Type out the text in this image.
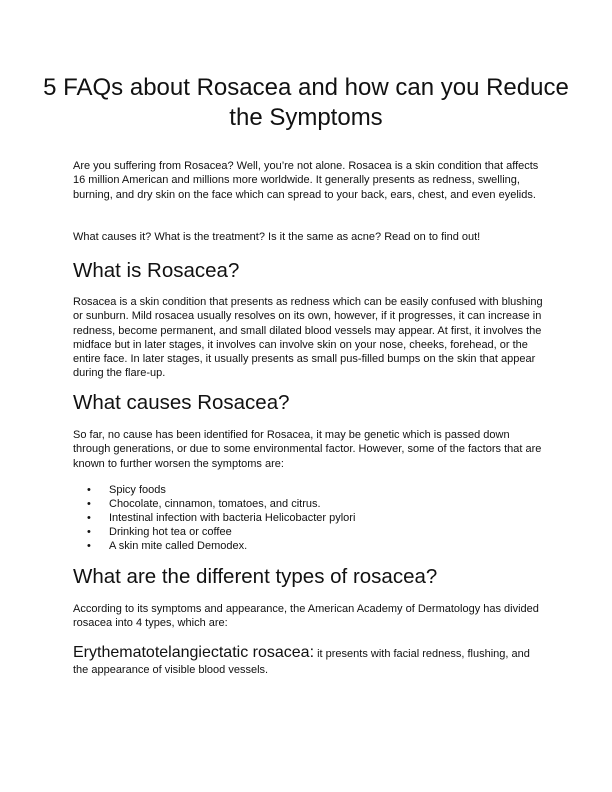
5 FAQs about Rosacea and how can you Reduce the Symptoms

Are you suffering from Rosacea? Well, you’re not alone. Rosacea is a skin condition that affects 16 million American and millions more worldwide. It generally presents as redness, swelling, burning, and dry skin on the face which can spread to your back, ears, chest, and even eyelids.

What causes it? What is the treatment? Is it the same as acne? Read on to find out!

What is Rosacea?

Rosacea is a skin condition that presents as redness which can be easily confused with blushing or sunburn. Mild rosacea usually resolves on its own, however, if it progresses, it can increase in redness, become permanent, and small dilated blood vessels may appear. At first, it involves the midface but in later stages, it involves can involve skin on your nose, cheeks, forehead, or the entire face. In later stages, it usually presents as small pus-filled bumps on the skin that appear during the flare-up.

What causes Rosacea?

So far, no cause has been identified for Rosacea, it may be genetic which is passed down through generations, or due to some environmental factor. However, some of the factors that are known to further worsen the symptoms are:

• Spicy foods
• Chocolate, cinnamon, tomatoes, and citrus.
• Intestinal infection with bacteria Helicobacter pylori
• Drinking hot tea or coffee
• A skin mite called Demodex.
What are the different types of rosacea?

According to its symptoms and appearance, the American Academy of Dermatology has divided rosacea into 4 types, which are:

Erythematotelangiectatic rosacea: it presents with facial redness, flushing, and the appearance of visible blood vessels.
